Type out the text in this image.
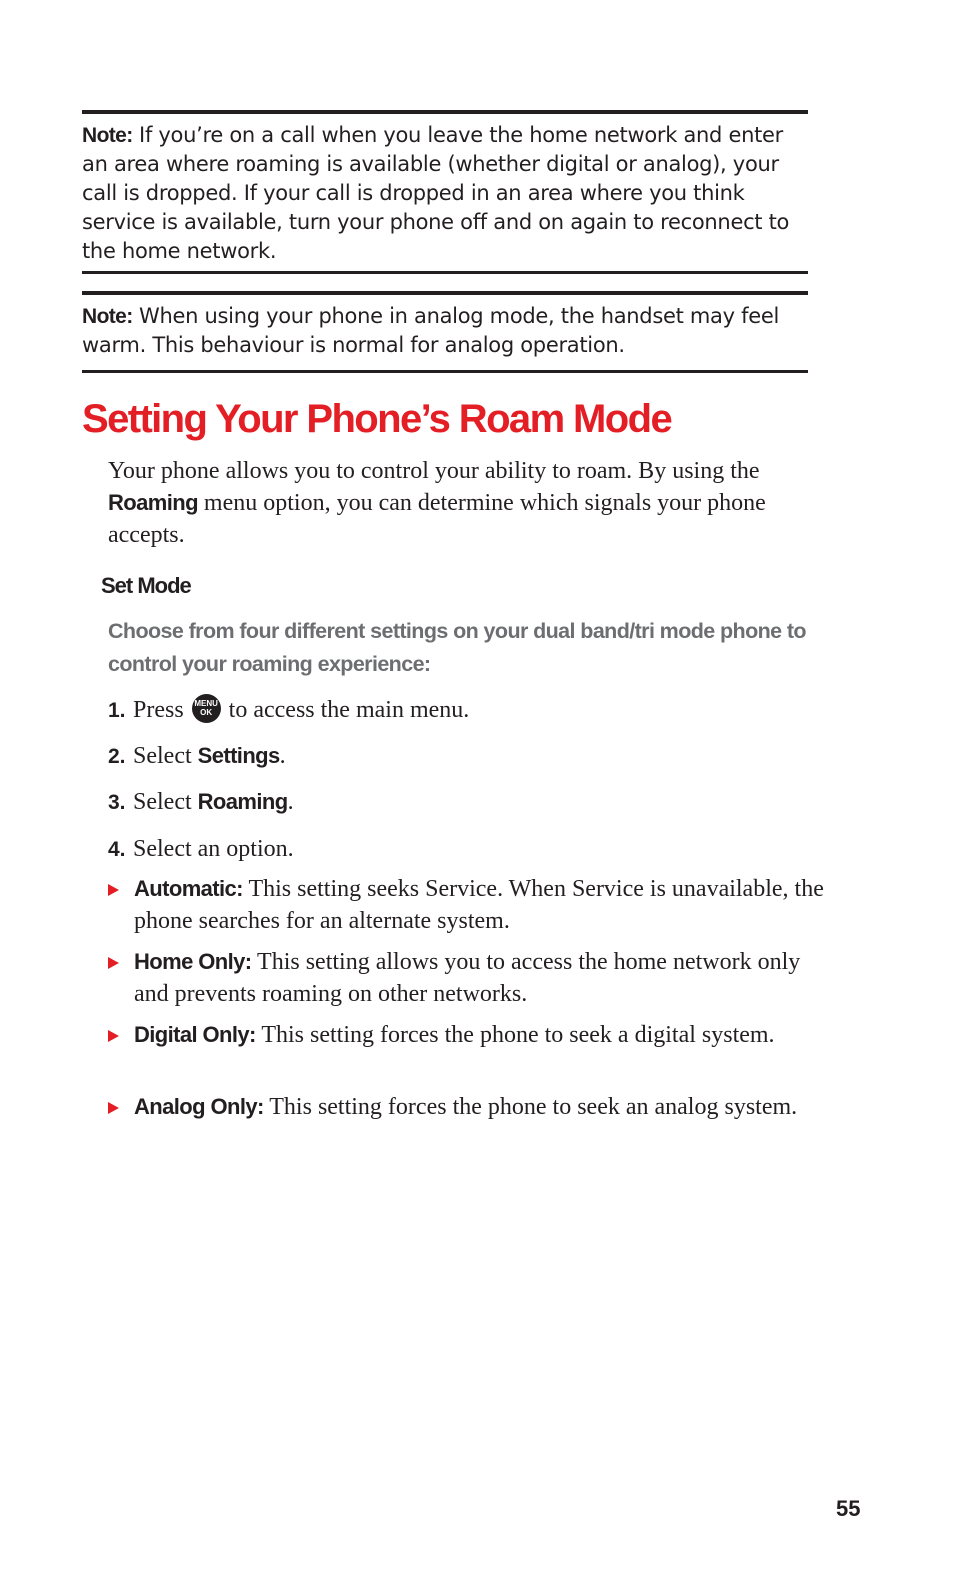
Note: If you’re on a call when you leave the home network and enter an area where roaming is available (whether digital or analog), your call is dropped. If your call is dropped in an area where you think service is available, turn your phone off and on again to reconnect to the home network.
Note: When using your phone in analog mode, the handset may feel warm. This behaviour is normal for analog operation.
Setting Your Phone’s Roam Mode

Your phone allows you to control your ability to roam. By using the Roaming menu option, you can determine which signals your phone accepts.

Set Mode

Choose from four different settings on your dual band/tri mode phone to control your roaming experience:

1. Press MENU
OK to access the main menu.
2. Select Settings.
3. Select Roaming.
4. Select an option.
Automatic: This setting seeks Service. When Service is unavailable, the phone searches for an alternate system.
Home Only: This setting allows you to access the home network only and prevents roaming on other networks.
Digital Only: This setting forces the phone to seek a digital system.
Analog Only: This setting forces the phone to seek an analog system.
55
